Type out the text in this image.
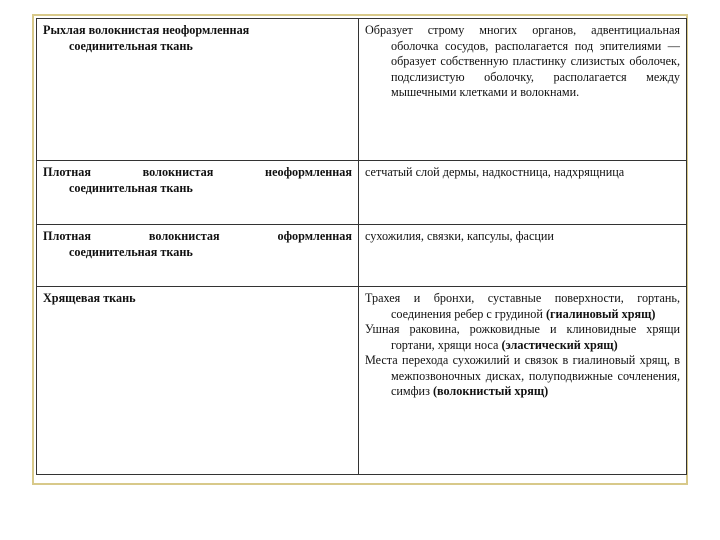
Рыхлая волокнистая неоформленная
соединительная ткань	Образует строму многих органов, адвентициальная оболочка сосудов, располагается под эпителиями — образует собственную пластинку слизистых оболочек, подслизистую оболочку, располагается между мышечными клетками и волокнами.

Плотная волокнистая неоформленная
соединительная ткань	сетчатый слой дермы, надкостница, надхрящница

Плотная волокнистая оформленная
соединительная ткань	сухожилия, связки, капсулы, фасции

Хрящевая ткань	Трахея и бронхи, суставные поверхности, гортань, соединения ребер с грудиной (гиалиновый хрящ)

Ушная раковина, рожковидные и клиновидные хрящи гортани, хрящи носа (эластический хрящ)

Места перехода сухожилий и связок в гиалиновый хрящ, в межпозвоночных дисках, полуподвижные сочленения, симфиз (волокнистый хрящ)
